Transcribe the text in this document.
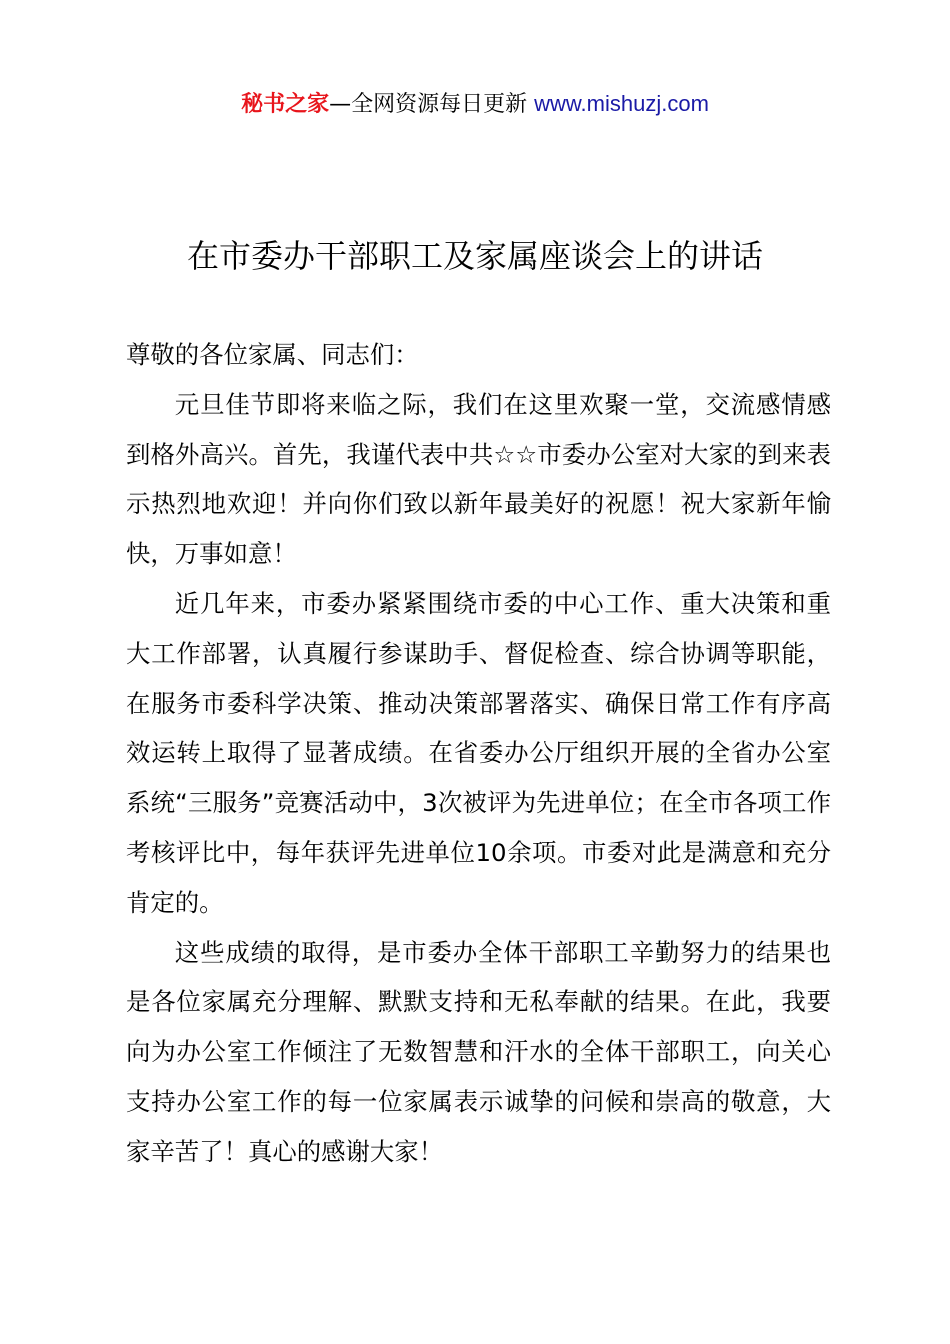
秘书之家—全网资源每日更新 www.mishuzj.com
在市委办干部职工及家属座谈会上的讲话

尊敬的各位家属、同志们：

元旦佳节即将来临之际，我们在这里欢聚一堂，交流感情感到格外高兴。首先，我谨代表中共☆☆市委办公室对大家的到来表示热烈地欢迎！并向你们致以新年最美好的祝愿！祝大家新年愉快，万事如意！

近几年来，市委办紧紧围绕市委的中心工作、重大决策和重大工作部署，认真履行参谋助手、督促检查、综合协调等职能，在服务市委科学决策、推动决策部署落实、确保日常工作有序高效运转上取得了显著成绩。在省委办公厅组织开展的全省办公室系统“三服务”竞赛活动中，3次被评为先进单位；在全市各项工作考核评比中，每年获评先进单位10余项。市委对此是满意和充分肯定的。

这些成绩的取得，是市委办全体干部职工辛勤努力的结果也是各位家属充分理解、默默支持和无私奉献的结果。在此，我要向为办公室工作倾注了无数智慧和汗水的全体干部职工，向关心支持办公室工作的每一位家属表示诚挚的问候和崇高的敬意，大家辛苦了！真心的感谢大家！
